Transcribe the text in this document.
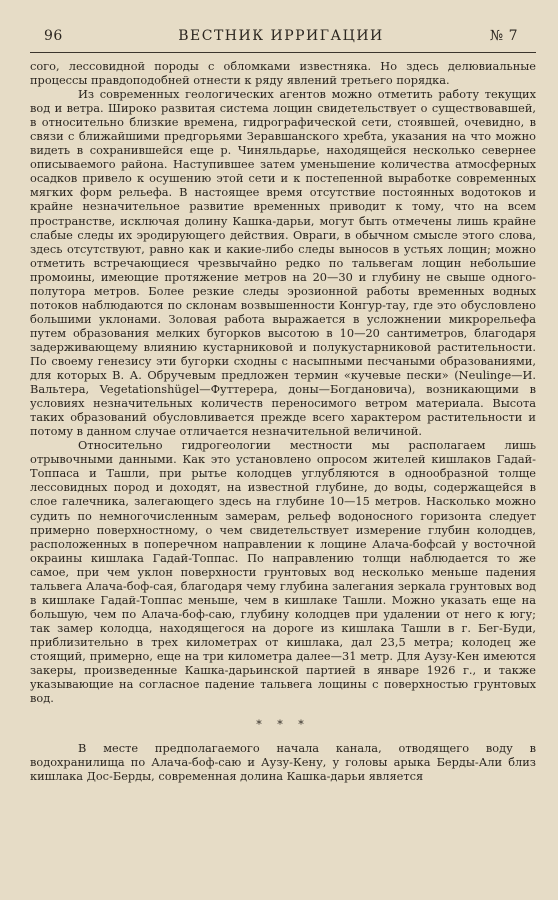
96	ВЕСТНИК ИРРИГАЦИИ	№ 7

сого, лессовидной породы с обломками известняка. Но здесь делювиальные процессы правдоподобней отнести к ряду явлений третьего порядка.

Из современных геологических агентов можно отметить работу текущих вод и ветра. Широко развитая система лощин свидетельствует о существовавшей, в относительно близкие времена, гидрографической сети, стоявшей, очевидно, в связи с ближайшими предгорьями Зеравшанского хребта, указания на что можно видеть в сохранившейся еще р. Чиняльдарье, находящейся несколько севернее описываемого района. Наступившее затем уменьшение количества атмосферных осадков привело к осушению этой сети и к постепенной выработке современных мягких форм рельефа. В настоящее время отсутствие постоянных водотоков и крайне незначительное развитие временных приводит к тому, что на всем пространстве, исключая долину Кашка-дарьи, могут быть отмечены лишь крайне слабые следы их эродирующего действия. Овраги, в обычном смысле этого слова, здесь отсутствуют, равно как и какие-либо следы выносов в устьях лощин; можно отметить встречающиеся чрезвычайно редко по тальвегам лощин небольшие промоины, имеющие протяжение метров на 20—30 и глубину не свыше одного-полутора метров. Более резкие следы эрозионной работы временных водных потоков наблюдаются по склонам возвышенности Конгур-тау, где это обусловлено большими уклонами. Золовая работа выражается в усложнении микрорельефа путем образования мелких бугорков высотою в 10—20 сантиметров, благодаря задерживающему влиянию кустарниковой и полукустарниковой растительности. По своему генезису эти бугорки сходны с насыпными песчаными образованиями, для которых В. А. Обручевым предложен термин «кучевые пески» (Neulinge—И. Вальтера, Vegetationshügel—Футтерера, доны—Богдановича), возникающими в условиях незначительных количеств переносимого ветром материала. Высота таких образований обусловливается прежде всего характером растительности и потому в данном случае отличается незначительной величиной.

Относительно гидрогеологии местности мы располагаем лишь отрывочными данными. Как это установлено опросом жителей кишлаков Гадай-Топпаса и Ташли, при рытье колодцев углубляются в однообразной толще лессовидных пород и доходят, на известной глубине, до воды, содержащейся в слое галечника, залегающего здесь на глубине 10—15 метров. Насколько можно судить по немногочисленным замерам, рельеф водоносного горизонта следует примерно поверхностному, о чем свидетельствует измерение глубин колодцев, расположенных в поперечном направлении к лощине Алача-бофсай у восточной окраины кишлака Гадай-Топпас. По направлению толщи наблюдается то же самое, при чем уклон поверхности грунтовых вод несколько меньше падения тальвега Алача-боф-сая, благодаря чему глубина залегания зеркала грунтовых вод в кишлаке Гадай-Топпас меньше, чем в кишлаке Ташли. Можно указать еще на большую, чем по Алача-боф-саю, глубину колодцев при удалении от него к югу; так замер колодца, находящегося на дороге из кишлака Ташли в г. Бег-Буди, приблизительно в трех километрах от кишлака, дал 23,5 метра; колодец же стоящий, примерно, еще на три километра далее—31 метр. Для Аузу-Кен имеются закеры, произведенные Кашка-дарьинской партией в январе 1926 г., и также указывающие на согласное падение тальвега лощины с поверхностью грунтовых вод.

* * *

В месте предполагаемого начала канала, отводящего воду в водохранилища по Алача-боф-саю и Аузу-Кену, у головы арыка Берды-Али близ кишлака Дос-Берды, современная долина Кашка-дарьи является
